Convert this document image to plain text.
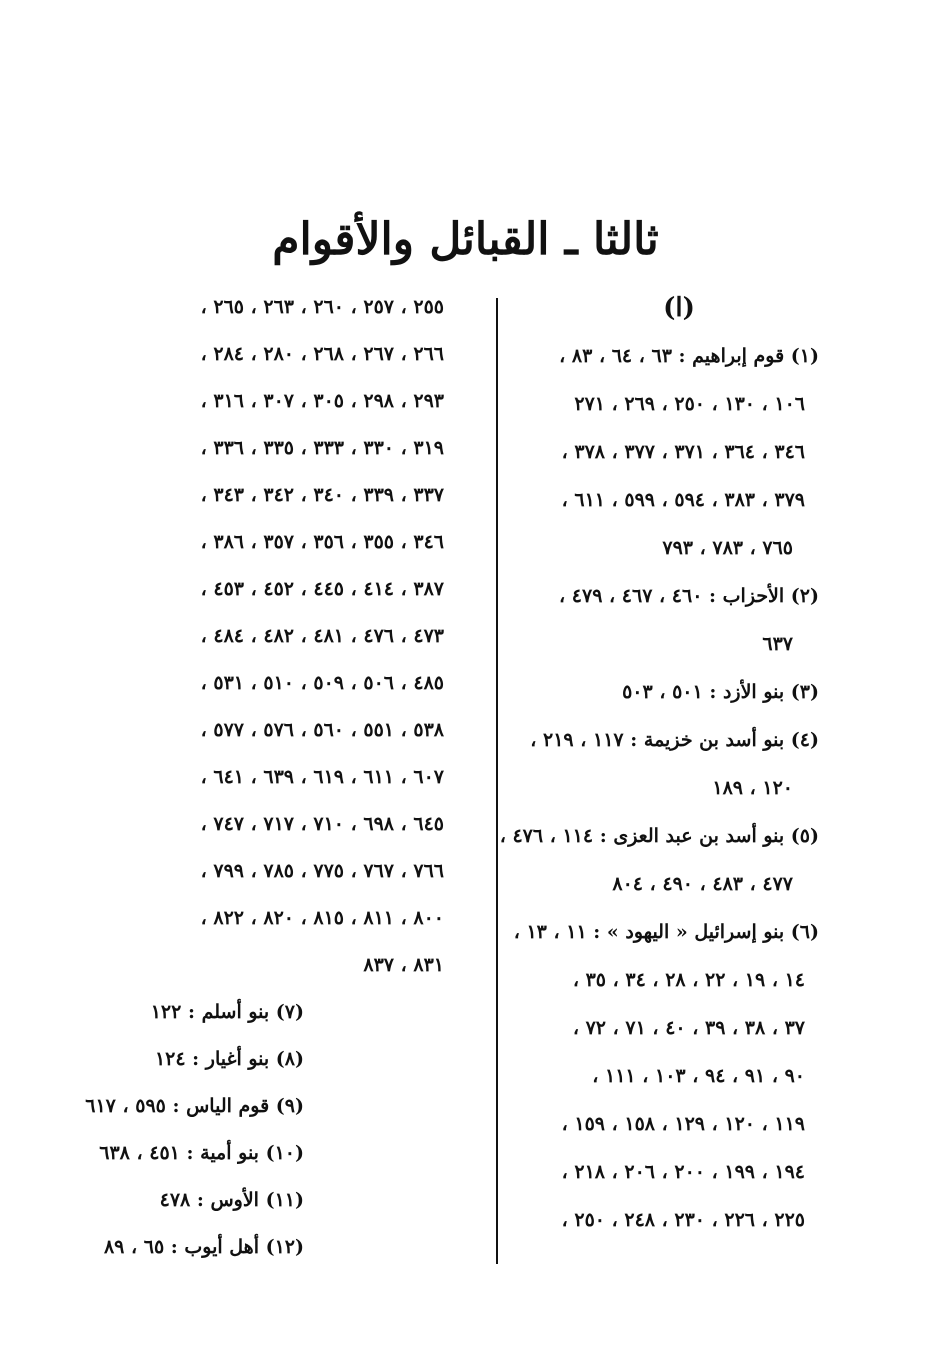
ثالثا ـ القبائل والأقوام
(ا)
(١) قوم إبراهيم : ٦٣ ، ٦٤ ، ٨٣ ،
١٠٦ ، ١٣٠ ، ٢٥٠ ، ٢٦٩ ، ٢٧١
٣٤٦ ، ٣٦٤ ، ٣٧١ ، ٣٧٧ ، ٣٧٨ ،
٣٧٩ ، ٣٨٣ ، ٥٩٤ ، ٥٩٩ ، ٦١١ ،
٧٦٥ ، ٧٨٣ ، ٧٩٣
(٢) الأحزاب : ٤٦٠ ، ٤٦٧ ، ٤٧٩ ،
٦٣٧
(٣) بنو الأزد : ٥٠١ ، ٥٠٣
(٤) بنو أسد بن خزيمة : ١١٧ ، ٢١٩ ،
١٢٠ ، ١٨٩
(٥) بنو أسد بن عبد العزى : ١١٤ ، ٤٧٦ ،
٤٧٧ ، ٤٨٣ ، ٤٩٠ ، ٨٠٤
(٦) بنو إسرائيل « اليهود » : ١١ ، ١٣ ،
١٤ ، ١٩ ، ٢٢ ، ٢٨ ، ٣٤ ، ٣٥ ،
٣٧ ، ٣٨ ، ٣٩ ، ٤٠ ، ٧١ ، ٧٢ ،
٩٠ ، ٩١ ، ٩٤ ، ١٠٣ ، ١١١ ،
١١٩ ، ١٢٠ ، ١٢٩ ، ١٥٨ ، ١٥٩ ،
١٩٤ ، ١٩٩ ، ٢٠٠ ، ٢٠٦ ، ٢١٨ ،
٢٢٥ ، ٢٢٦ ، ٢٣٠ ، ٢٤٨ ، ٢٥٠ ،
٢٥٥ ، ٢٥٧ ، ٢٦٠ ، ٢٦٣ ، ٢٦٥ ،
٢٦٦ ، ٢٦٧ ، ٢٦٨ ، ٢٨٠ ، ٢٨٤ ،
٢٩٣ ، ٢٩٨ ، ٣٠٥ ، ٣٠٧ ، ٣١٦ ،
٣١٩ ، ٣٣٠ ، ٣٣٣ ، ٣٣٥ ، ٣٣٦ ،
٣٣٧ ، ٣٣٩ ، ٣٤٠ ، ٣٤٢ ، ٣٤٣ ،
٣٤٦ ، ٣٥٥ ، ٣٥٦ ، ٣٥٧ ، ٣٨٦ ،
٣٨٧ ، ٤١٤ ، ٤٤٥ ، ٤٥٢ ، ٤٥٣ ،
٤٧٣ ، ٤٧٦ ، ٤٨١ ، ٤٨٢ ، ٤٨٤ ،
٤٨٥ ، ٥٠٦ ، ٥٠٩ ، ٥١٠ ، ٥٣١ ،
٥٣٨ ، ٥٥١ ، ٥٦٠ ، ٥٧٦ ، ٥٧٧ ،
٦٠٧ ، ٦١١ ، ٦١٩ ، ٦٣٩ ، ٦٤١ ،
٦٤٥ ، ٦٩٨ ، ٧١٠ ، ٧١٧ ، ٧٤٧ ،
٧٦٦ ، ٧٦٧ ، ٧٧٥ ، ٧٨٥ ، ٧٩٩ ،
٨٠٠ ، ٨١١ ، ٨١٥ ، ٨٢٠ ، ٨٢٢ ،
٨٣١ ، ٨٣٧
(٧) بنو أسلم : ١٢٢
(٨) بنو أغيار : ١٢٤
(٩) قوم الياس : ٥٩٥ ، ٦١٧
(١٠) بنو أمية : ٤٥١ ، ٦٣٨
(١١) الأوس : ٤٧٨
(١٢) أهل أيوب : ٦٥ ، ٨٩
